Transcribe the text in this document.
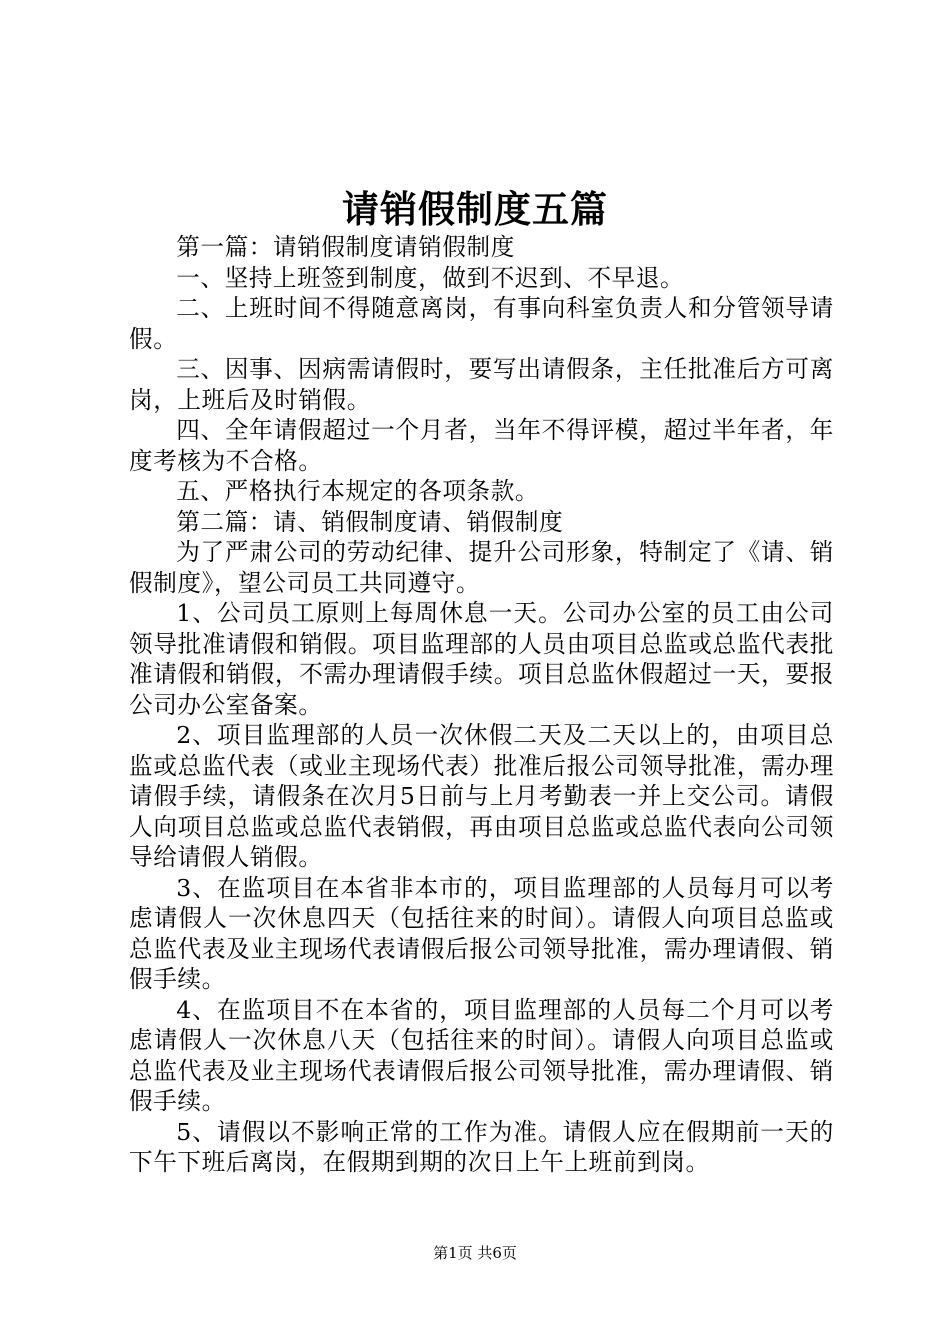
请销假制度五篇

第一篇：请销假制度请销假制度

一、坚持上班签到制度，做到不迟到、不早退。

二、上班时间不得随意离岗，有事向科室负责人和分管领导请假。

三、因事、因病需请假时，要写出请假条，主任批准后方可离岗，上班后及时销假。

四、全年请假超过一个月者，当年不得评模，超过半年者，年度考核为不合格。

五、严格执行本规定的各项条款。

第二篇：请、销假制度请、销假制度

为了严肃公司的劳动纪律、提升公司形象，特制定了《请、销假制度》，望公司员工共同遵守。

1、公司员工原则上每周休息一天。公司办公室的员工由公司领导批准请假和销假。项目监理部的人员由项目总监或总监代表批准请假和销假，不需办理请假手续。项目总监休假超过一天，要报公司办公室备案。

2、项目监理部的人员一次休假二天及二天以上的，由项目总监或总监代表（或业主现场代表）批准后报公司领导批准，需办理请假手续，请假条在次月5日前与上月考勤表一并上交公司。请假人向项目总监或总监代表销假，再由项目总监或总监代表向公司领导给请假人销假。

3、在监项目在本省非本市的，项目监理部的人员每月可以考虑请假人一次休息四天（包括往来的时间）。请假人向项目总监或总监代表及业主现场代表请假后报公司领导批准，需办理请假、销假手续。

4、在监项目不在本省的，项目监理部的人员每二个月可以考虑请假人一次休息八天（包括往来的时间）。请假人向项目总监或总监代表及业主现场代表请假后报公司领导批准，需办理请假、销假手续。

5、请假以不影响正常的工作为准。请假人应在假期前一天的下午下班后离岗，在假期到期的次日上午上班前到岗。

第1页 共6页
